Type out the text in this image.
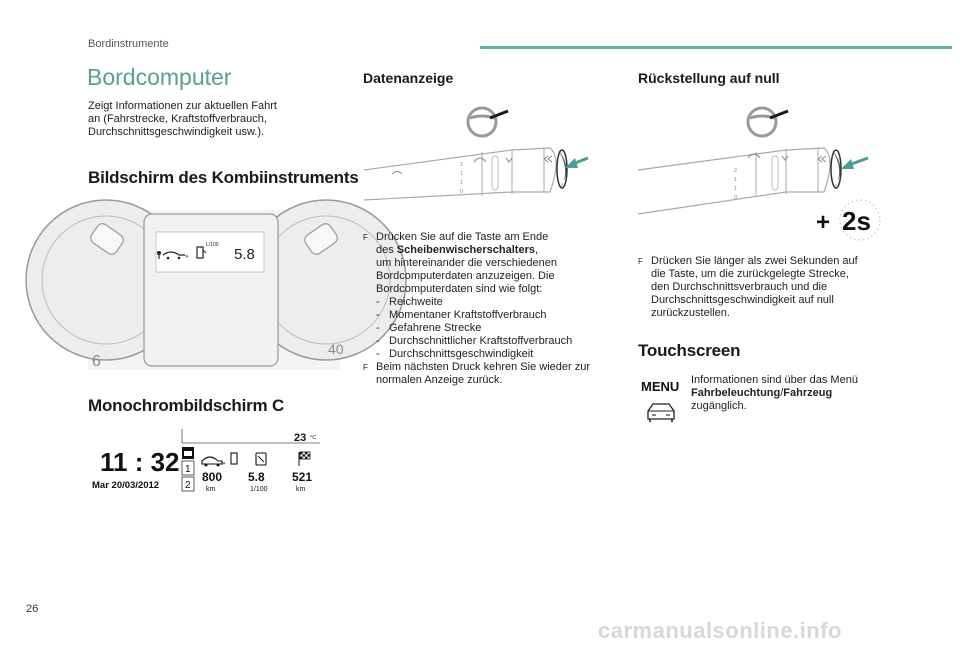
Bordinstrumente
Bordcomputer
Zeigt Informationen zur aktuellen Fahrt
an (Fahrstrecke, Kraftstoffverbrauch,
Durchschnittsgeschwindigkeit usw.).
Bildschirm des Kombiinstruments
6
40
»
L/100
5.8
Monochrombildschirm C
11 : 32
Mar 20/03/2012
23 °C
1
2
»
800
km
5.8
1/100
521
km
Datenanzeige
2
1
1
0
F Drücken Sie auf die Taste am Ende
des Scheibenwischerschalters,
um hintereinander die verschiedenen
Bordcomputerdaten anzuzeigen. Die
Bordcomputerdaten sind wie folgt:
- Reichweite
- Momentaner Kraftstoffverbrauch
- Gefahrene Strecke
- Durchschnittlicher Kraftstoffverbrauch
- Durchschnittsgeschwindigkeit
F Beim nächsten Druck kehren Sie wieder zur
normalen Anzeige zurück.
Rückstellung auf null
2
1
1
0
+ 2s
F Drücken Sie länger als zwei Sekunden auf
die Taste, um die zurückgelegte Strecke,
den Durchschnittsverbrauch und die
Durchschnittsgeschwindigkeit auf null
zurückzustellen.
Touchscreen
MENU Informationen sind über das Menü
Fahrbeleuchtung/Fahrzeug
zugänglich.
26
carmanualsonline.info
